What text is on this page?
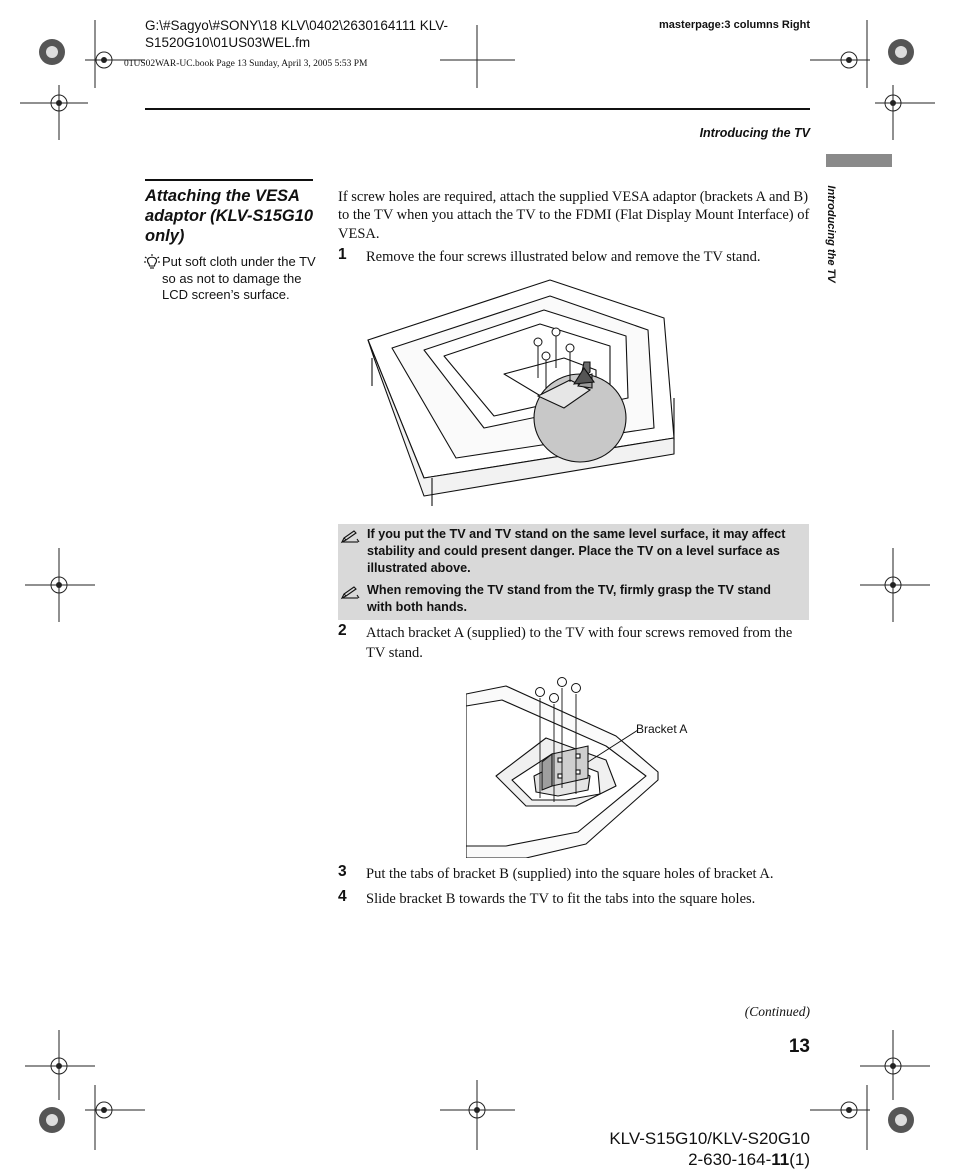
G:\#Sagyo\#SONY\18 KLV\0402\2630164111 KLV-S1520G10\01US03WEL.fm
01US02WAR-UC.book Page 13 Sunday, April 3, 2005 5:53 PM
masterpage:3 columns Right
Introducing the TV
Introducing the TV
Attaching the VESA adaptor (KLV-S15G10 only)
Put soft cloth under the TV so as not to damage the LCD screen’s surface.
If screw holes are required, attach the supplied VESA adaptor (brackets A and B) to the TV when you attach the TV to the FDMI (Flat Display Mount Interface) of VESA.
1 Remove the four screws illustrated below and remove the TV stand.
If you put the TV and TV stand on the same level surface, it may affect stability and could present danger. Place the TV on a level surface as illustrated above.
When removing the TV stand from the TV, firmly grasp the TV stand with both hands.
2 Attach bracket A (supplied) to the TV with four screws removed from the TV stand.
Bracket A
3 Put the tabs of bracket B (supplied) into the square holes of bracket A.
4 Slide bracket B towards the TV to fit the tabs into the square holes.
(Continued)
13
KLV-S15G10/KLV-S20G10
2-630-164-11(1)
